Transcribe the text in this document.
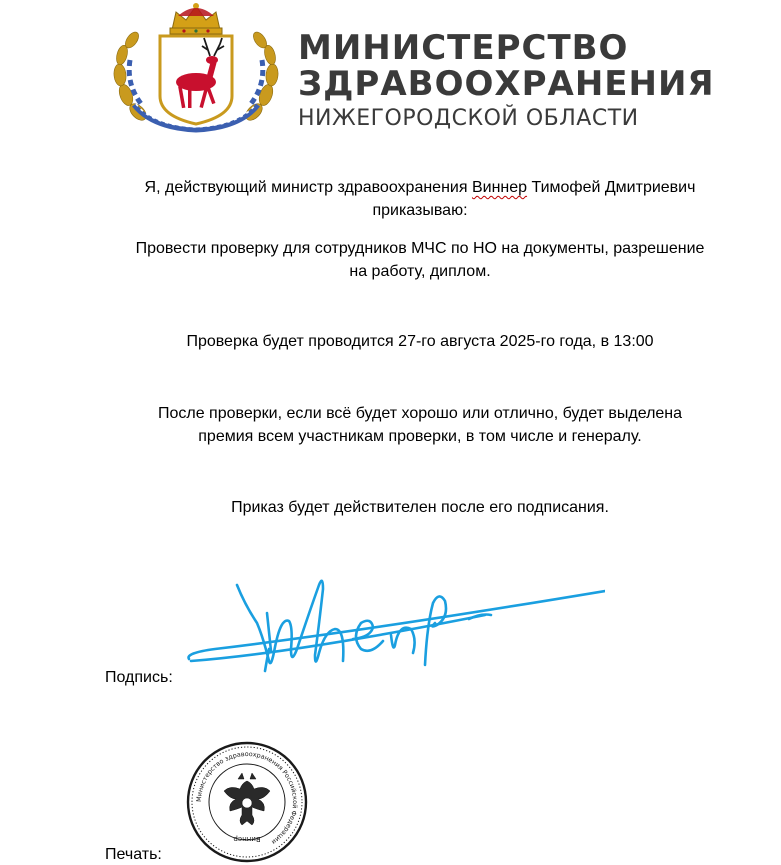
МИНИСТЕРСТВО
ЗДРАВООХРАНЕНИЯ
НИЖЕГОРОДСКОЙ ОБЛАСТИ

Я, действующий министр здравоохранения Виннер Тимофей Дмитриевич

приказываю:

Провести проверку для сотрудников МЧС по НО на документы, разрешение

на работу, диплом.

Проверка будет проводится 27-го августа 2025-го года, в 13:00

После проверки, если всё будет хорошо или отлично, будет выделена

премия всем участникам проверки, в том числе и генералу.

Приказ будет действителен после его подписания.

Подпись:
Министерство здравоохранения Российской Федерации
Виннер
Печать:
